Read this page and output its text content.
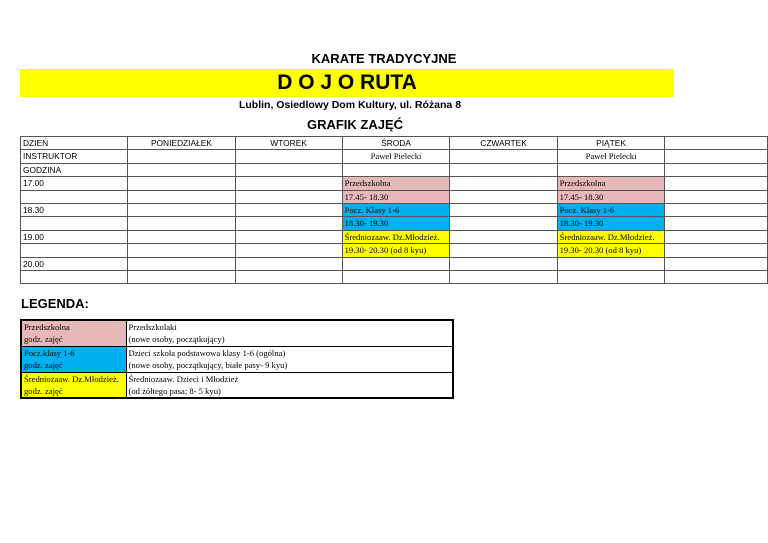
KARATE TRADYCYJNE
D O J O RUTA
Lublin, Osiedlowy Dom Kultury, ul. Różana 8
GRAFIK ZAJĘĆ
DZIEŃ	PONIEDZIAŁEK	WTOREK	ŚRODA	CZWARTEK	PIĄTEK	
INSTRUKTOR			Paweł Pielecki		Paweł Pielecki	
GODZINA						
17.00			Przedszkolna		Przedszkolna	
			17.45- 18.30		17.45- 18.30	
18.30			Pocz. Klasy 1-6		Pocz. Klasy 1-6	
			18.30- 19.30		18.30- 19.30	
19.00			Średniozaaw. Dz.Młodzież.		Średniozaaw. Dz.Młodzież.	
			19.30- 20.30 (od 8 kyu)		19.30- 20.30 (od 8 kyu)	
20.00						

LEGENDA:
Przedszkolna	Przedszkolaki
godz. zajęć	(nowe osoby, początkujący)
Pocz.klasy 1-6	Dzieci szkoła podstawowa klasy 1-6 (ogólna)
godz. zajęć	(nowe osoby, początkujący, białe pasy- 9 kyu)
Średniozaaw. Dz.Młodzież.	Średniozaaw. Dzieci i Młodzież
godz. zajęć	(od żółtego pasa; 8- 5 kyu)
